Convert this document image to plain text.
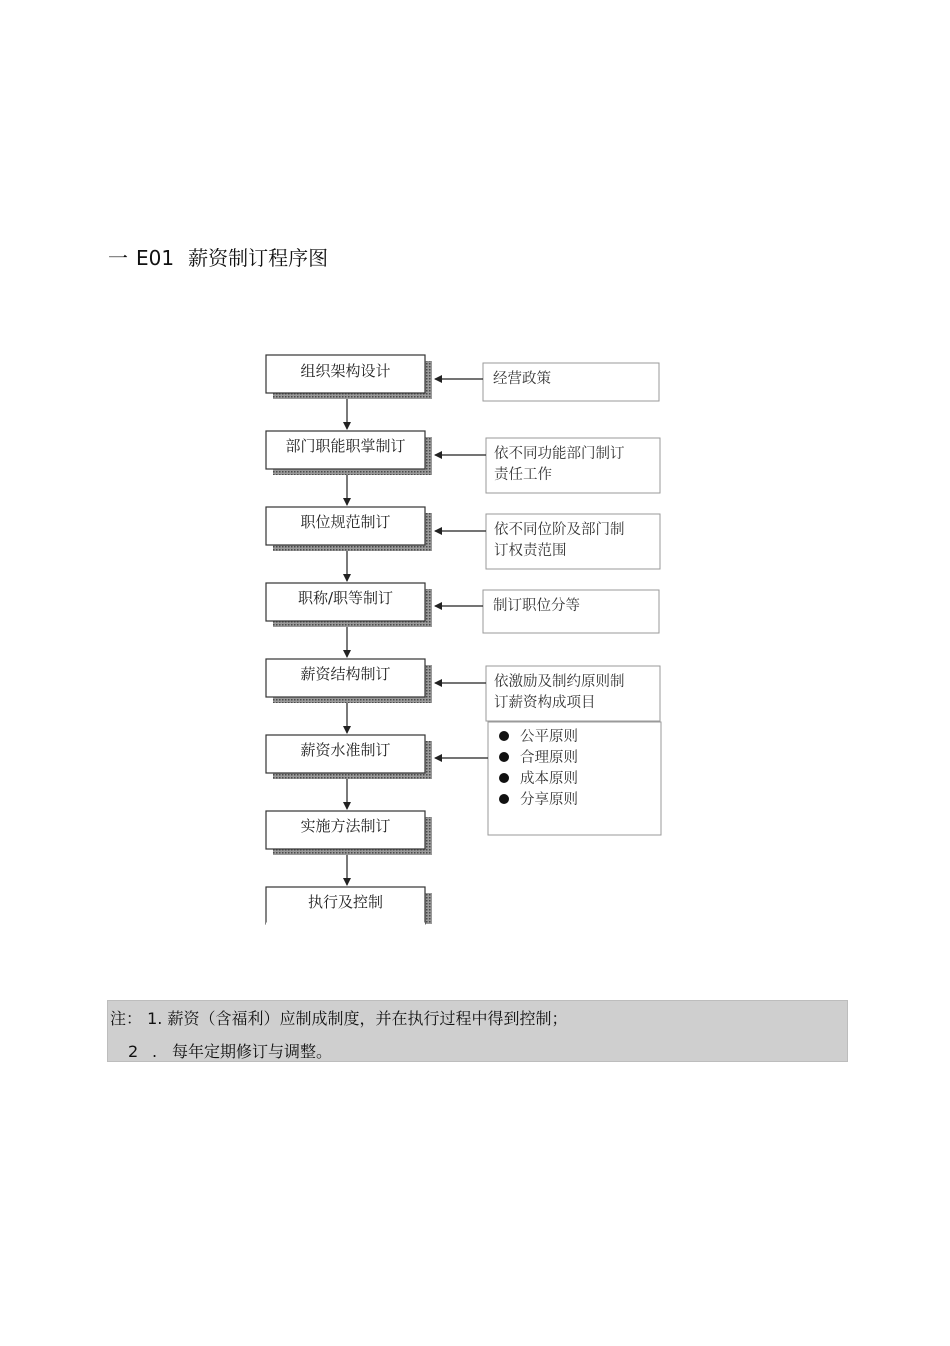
一 E01 薪资制订程序图
组织架构设计
部门职能职掌制订
职位规范制订
职称/职等制订
薪资结构制订
薪资水准制订
实施方法制订
执行及控制
经营政策
依不同功能部门制订
责任工作
依不同位阶及部门制
订权责范围
制订职位分等
依激励及制约原则制
订薪资构成项目
公平原则
合理原则
成本原则
分享原则
注： 1. 薪资（含福利）应制成制度，并在执行过程中得到控制；
2 . 每年定期修订与调整。
